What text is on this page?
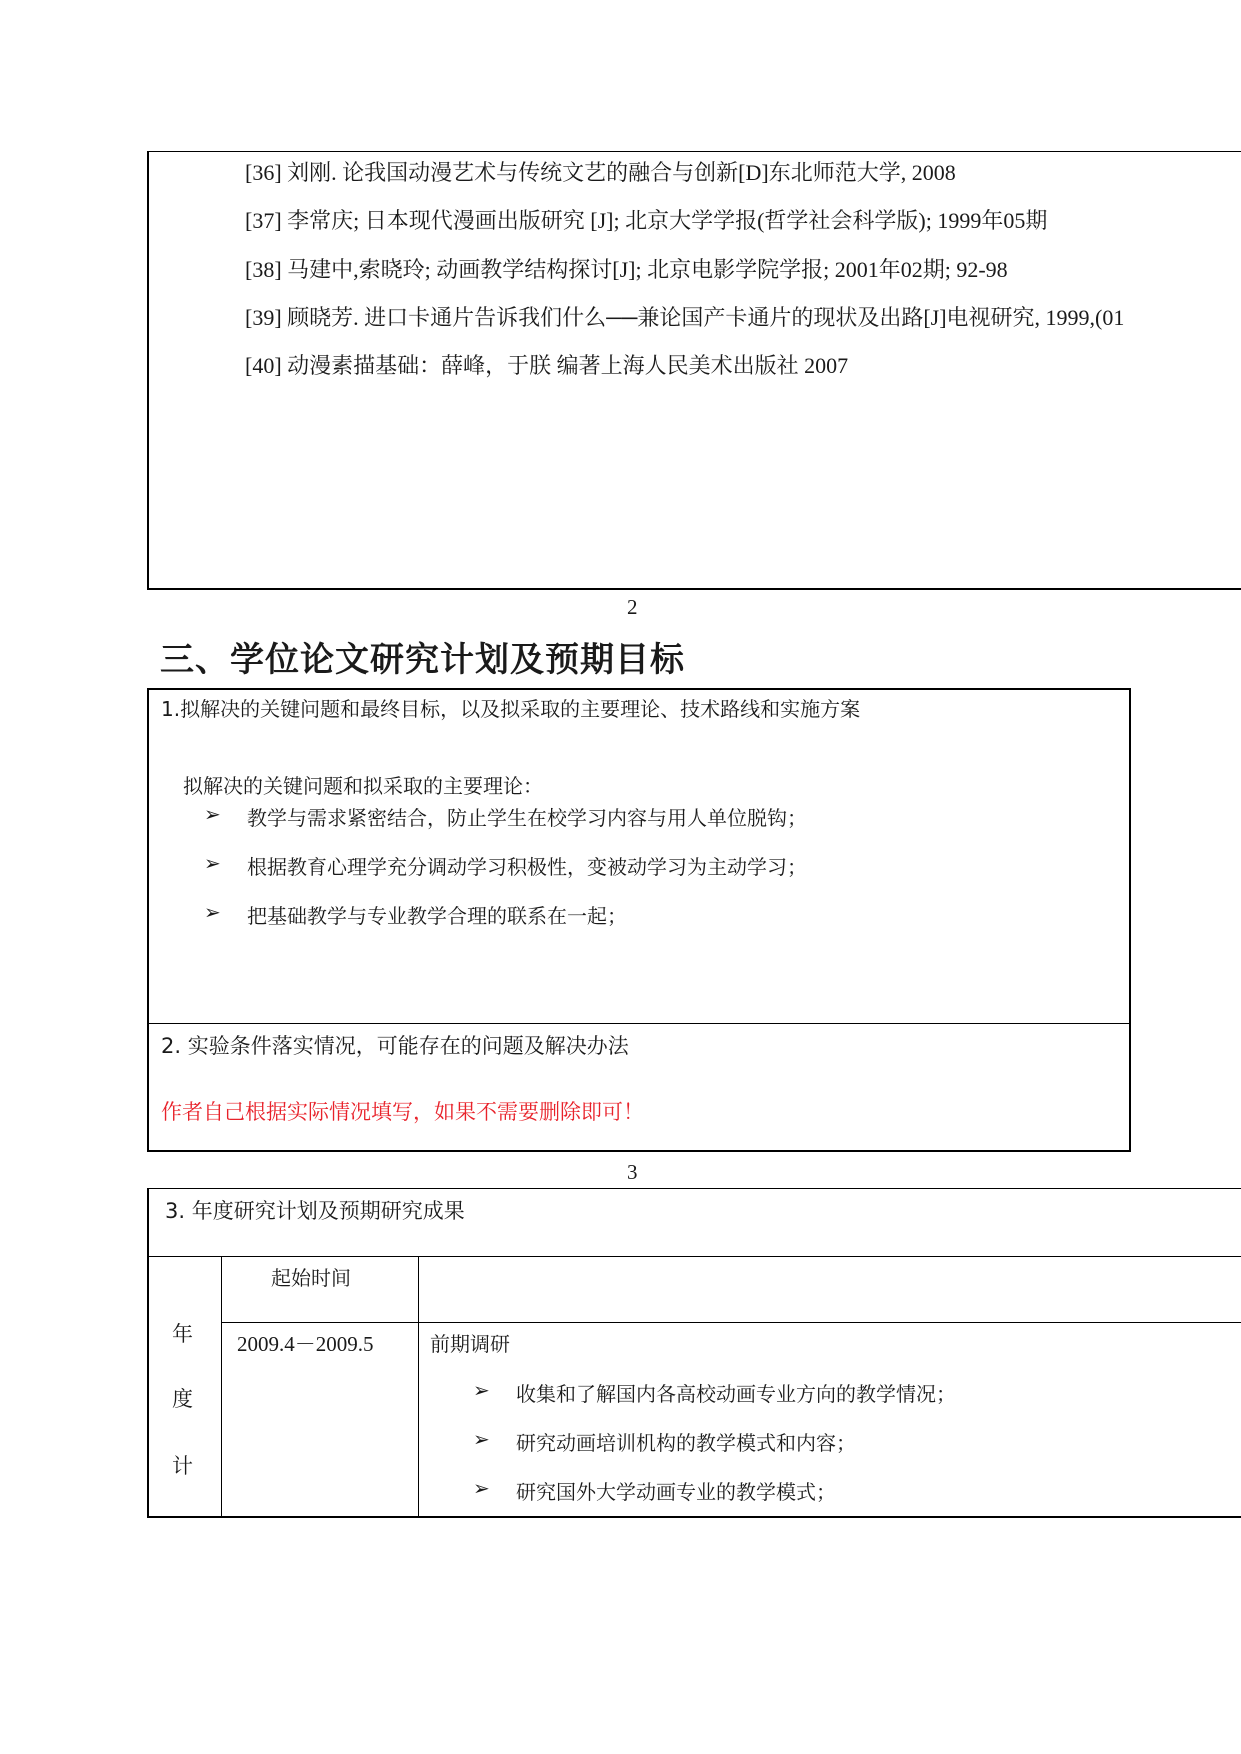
[36] 刘刚. 论我国动漫艺术与传统文艺的融合与创新[D]东北师范大学, 2008
[37] 李常庆; 日本现代漫画出版研究 [J]; 北京大学学报(哲学社会科学版); 1999年05期
[38] 马建中,索晓玲; 动画教学结构探讨[J]; 北京电影学院学报; 2001年02期; 92-98
[39] 顾晓芳. 进口卡通片告诉我们什么──兼论国产卡通片的现状及出路[J]电视研究, 1999,(01
[40] 动漫素描基础：薛峰，于朕 编著上海人民美术出版社 2007
2
三、学位论文研究计划及预期目标
1.拟解决的关键问题和最终目标，以及拟采取的主要理论、技术路线和实施方案
拟解决的关键问题和拟采取的主要理论：
➢ 教学与需求紧密结合，防止学生在校学习内容与用人单位脱钩；
➢ 根据教育心理学充分调动学习积极性，变被动学习为主动学习；
➢ 把基础教学与专业教学合理的联系在一起；
2. 实验条件落实情况，可能存在的问题及解决办法
作者自己根据实际情况填写，如果不需要删除即可！
3
3. 年度研究计划及预期研究成果
年
度
计
起始时间
2009.4－2009.5	前期调研
➢ 收集和了解国内各高校动画专业方向的教学情况；
➢ 研究动画培训机构的教学模式和内容；
➢ 研究国外大学动画专业的教学模式；
